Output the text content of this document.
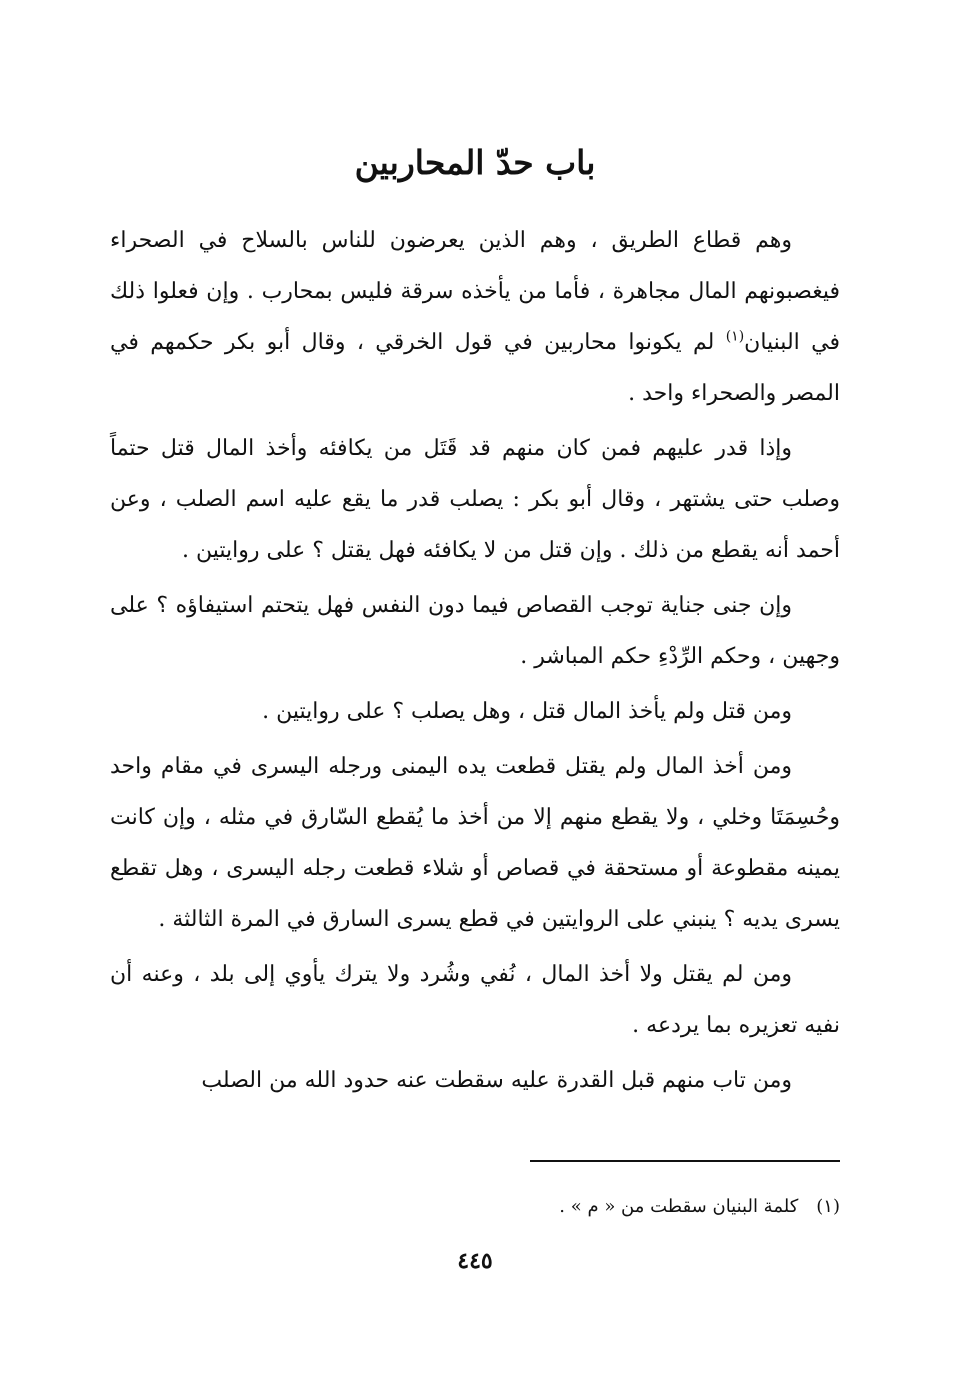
باب حدّ المحاربين

وهم قطاع الطريق ، وهم الذين يعرضون للناس بالسلاح في الصحراء فيغصبونهم المال مجاهرة ، فأما من يأخذه سرقة فليس بمحارب . وإن فعلوا ذلك في البنيان$^{(١)}$ لم يكونوا محاربين في قول الخرقي ، وقال أبو بكر حكمهم في المصر والصحراء واحد .

وإذا قدر عليهم فمن كان منهم قد قَتَل من يكافئه وأخذ المال قتل حتماً وصلب حتى يشتهر ، وقال أبو بكر : يصلب قدر ما يقع عليه اسم الصلب ، وعن أحمد أنه يقطع من ذلك . وإن قتل من لا يكافئه فهل يقتل ؟ على روايتين .

وإن جنى جناية توجب القصاص فيما دون النفس فهل يتحتم استيفاؤه ؟ على وجهين ، وحكم الرِّدْءِ حكم المباشر .

ومن قتل ولم يأخذ المال قتل ، وهل يصلب ؟ على روايتين .

ومن أخذ المال ولم يقتل قطعت يده اليمنى ورجله اليسرى في مقام واحد وحُسِمَتَا وخلي ، ولا يقطع منهم إلا من أخذ ما يُقطع السّارق في مثله ، وإن كانت يمينه مقطوعة أو مستحقة في قصاص أو شلاء قطعت رجله اليسرى ، وهل تقطع يسرى يديه ؟ ينبني على الروايتين في قطع يسرى السارق في المرة الثالثة .

ومن لم يقتل ولا أخذ المال ، نُفي وشُرد ولا يترك يأوي إلى بلد ، وعنه أن نفيه تعزيره بما يردعه .

ومن تاب منهم قبل القدرة عليه سقطت عنه حدود الله من الصلب

(١)كلمة البنيان سقطت من « م » .

٤٤٥
